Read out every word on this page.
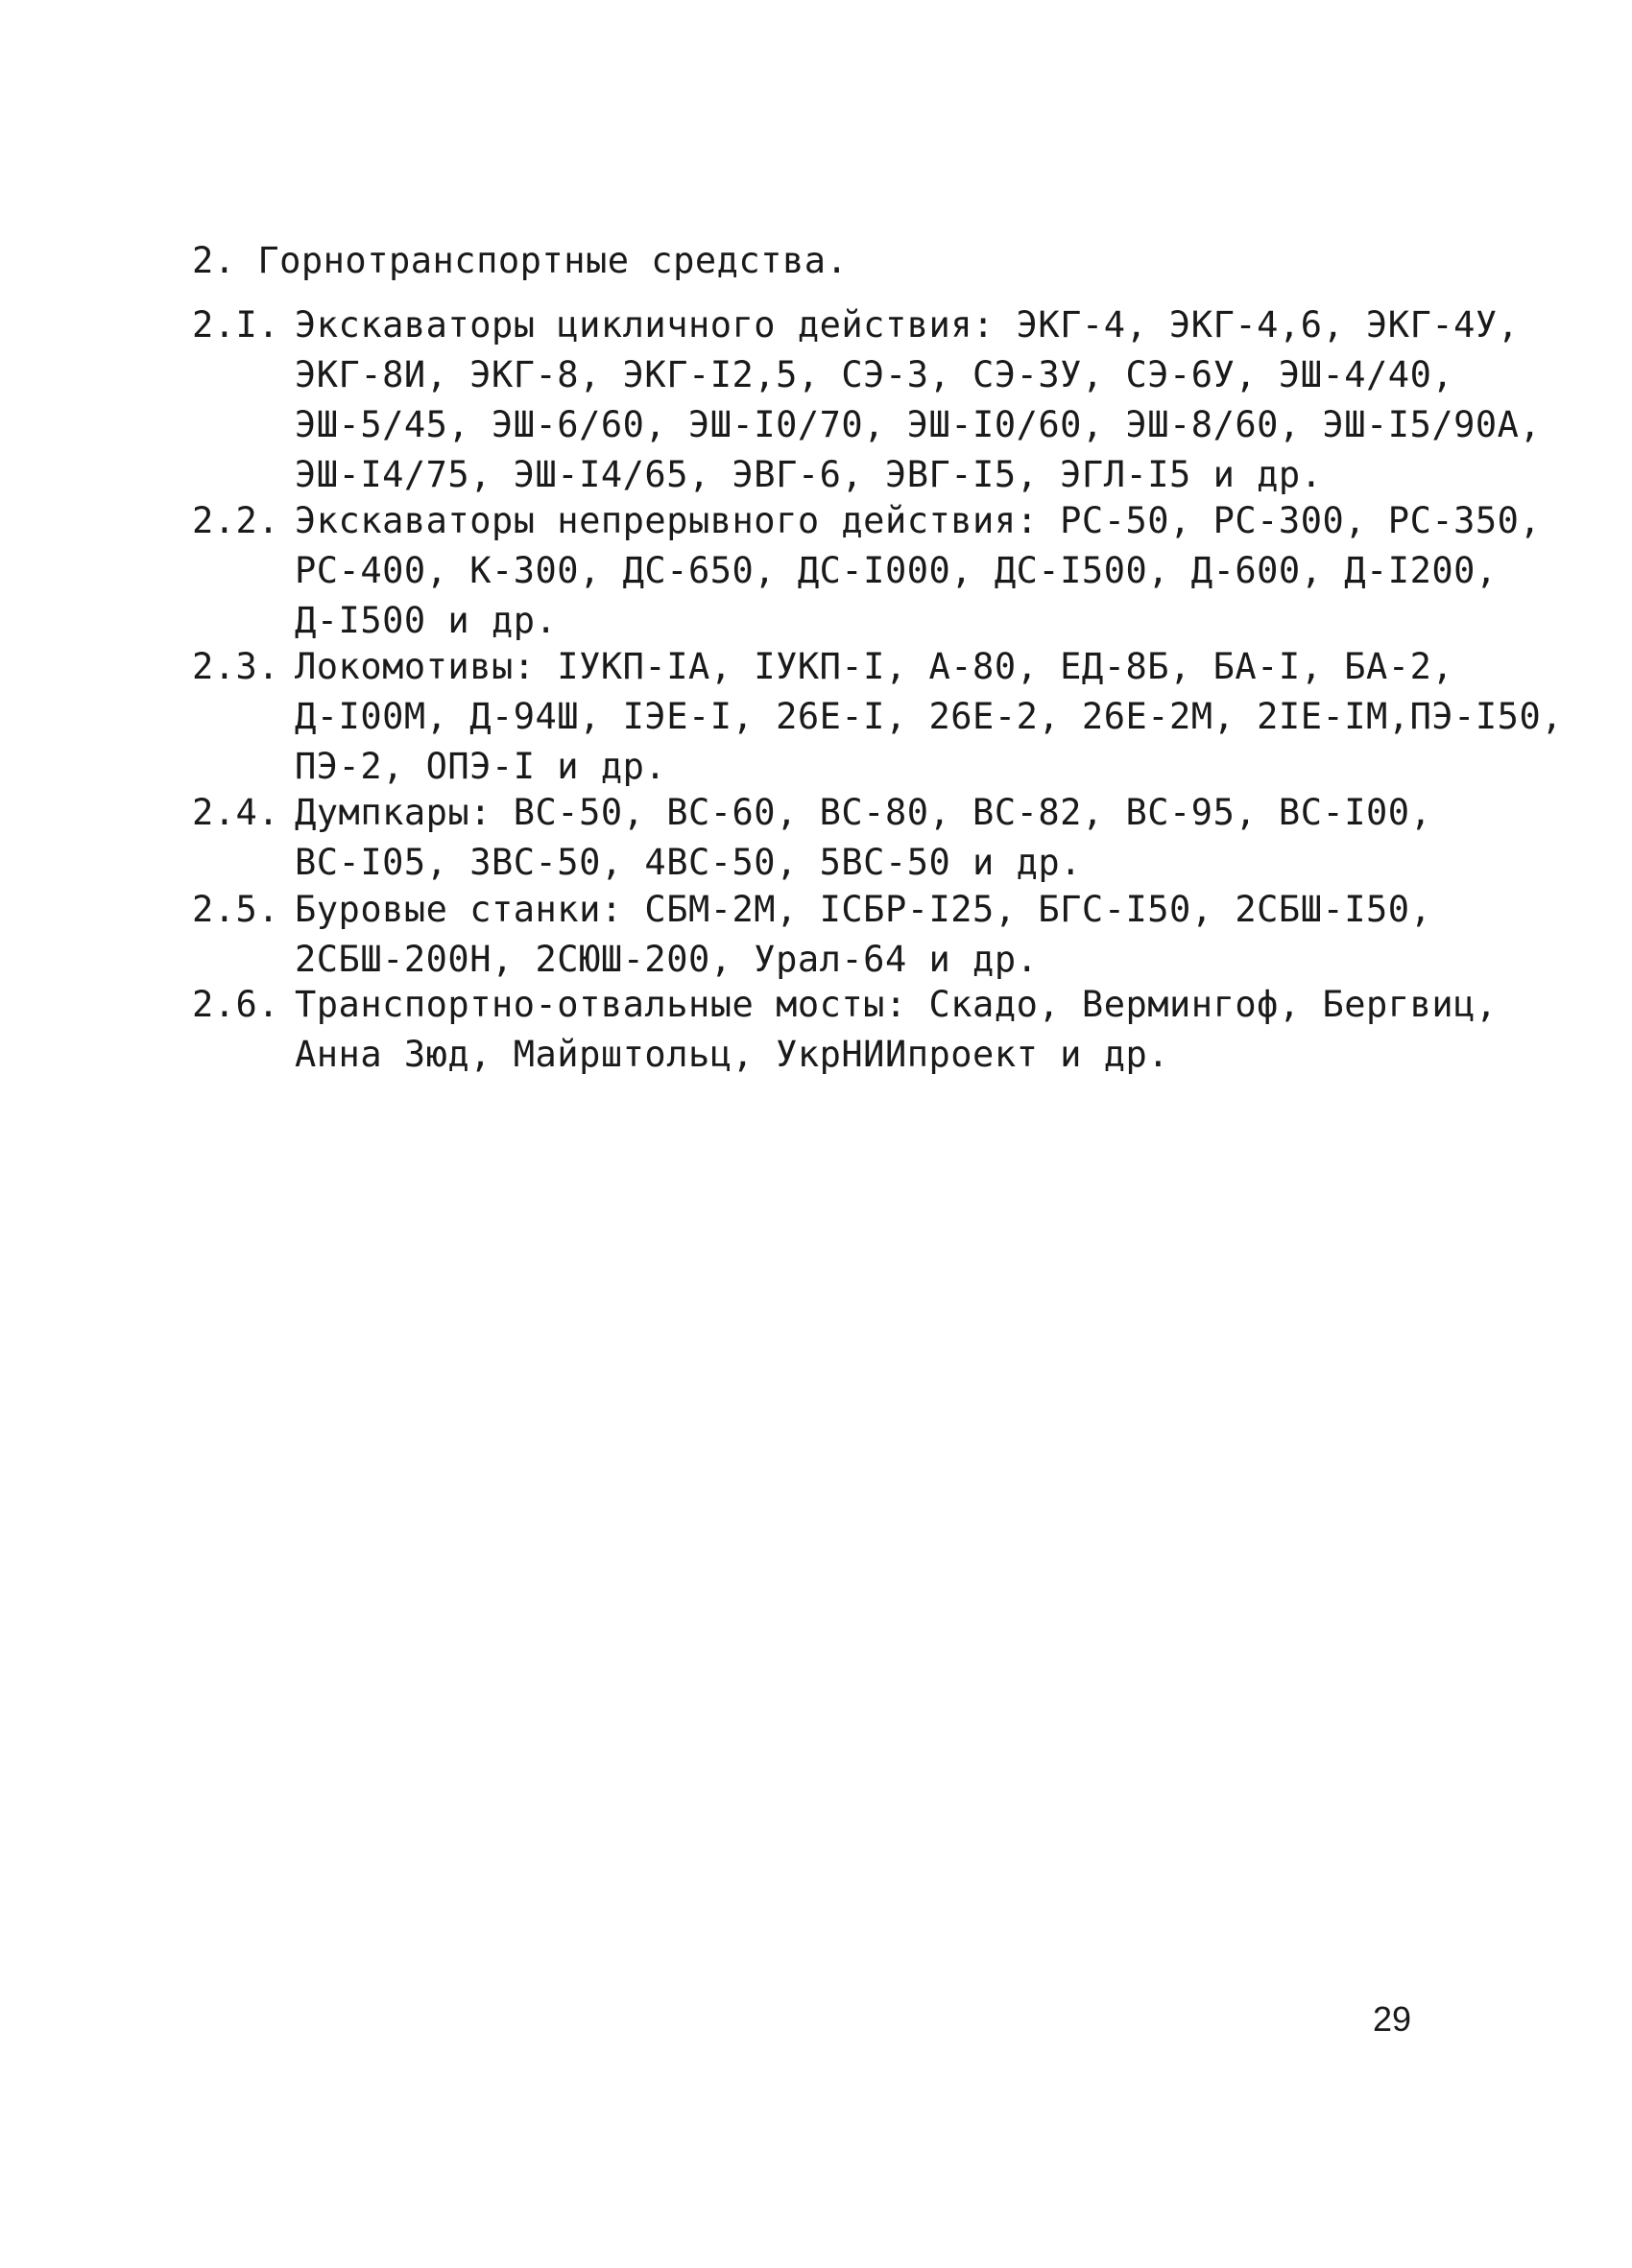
2. Горнотранспортные средства.
2.I. Экскаваторы цикличного действия: ЭКГ-4, ЭКГ-4,6, ЭКГ-4У,
ЭКГ-8И, ЭКГ-8, ЭКГ-I2,5, СЭ-3, СЭ-3У, СЭ-6У, ЭШ-4/40,
ЭШ-5/45, ЭШ-6/60, ЭШ-I0/70, ЭШ-I0/60, ЭШ-8/60, ЭШ-I5/90А,
ЭШ-I4/75, ЭШ-I4/65, ЭВГ-6, ЭВГ-I5, ЭГЛ-I5 и др.
2.2. Экскаваторы непрерывного действия: РС-50, РС-300, РС-350,
РС-400, К-300, ДС-650, ДС-I000, ДС-I500, Д-600, Д-I200,
Д-I500 и др.
2.3. Локомотивы: IУКП-IА, IУКП-I, А-80, ЕД-8Б, БА-I, БА-2,
Д-I00М, Д-94Ш, IЭЕ-I, 26Е-I, 26Е-2, 26Е-2М, 2IЕ-IМ,ПЭ-I50,
ПЭ-2, ОПЭ-I и др.
2.4. Думпкары: ВС-50, ВС-60, ВС-80, ВС-82, ВС-95, ВС-I00,
ВС-I05, 3ВС-50, 4ВС-50, 5ВС-50 и др.
2.5. Буровые станки: СБМ-2М, IСБР-I25, БГС-I50, 2СБШ-I50,
2СБШ-200Н, 2СЮШ-200, Урал-64 и др.
2.6. Транспортно-отвальные мосты: Скадо, Вермингоф, Бергвиц,
Анна Зюд, Майрштольц, УкрНИИпроект и др.
29
